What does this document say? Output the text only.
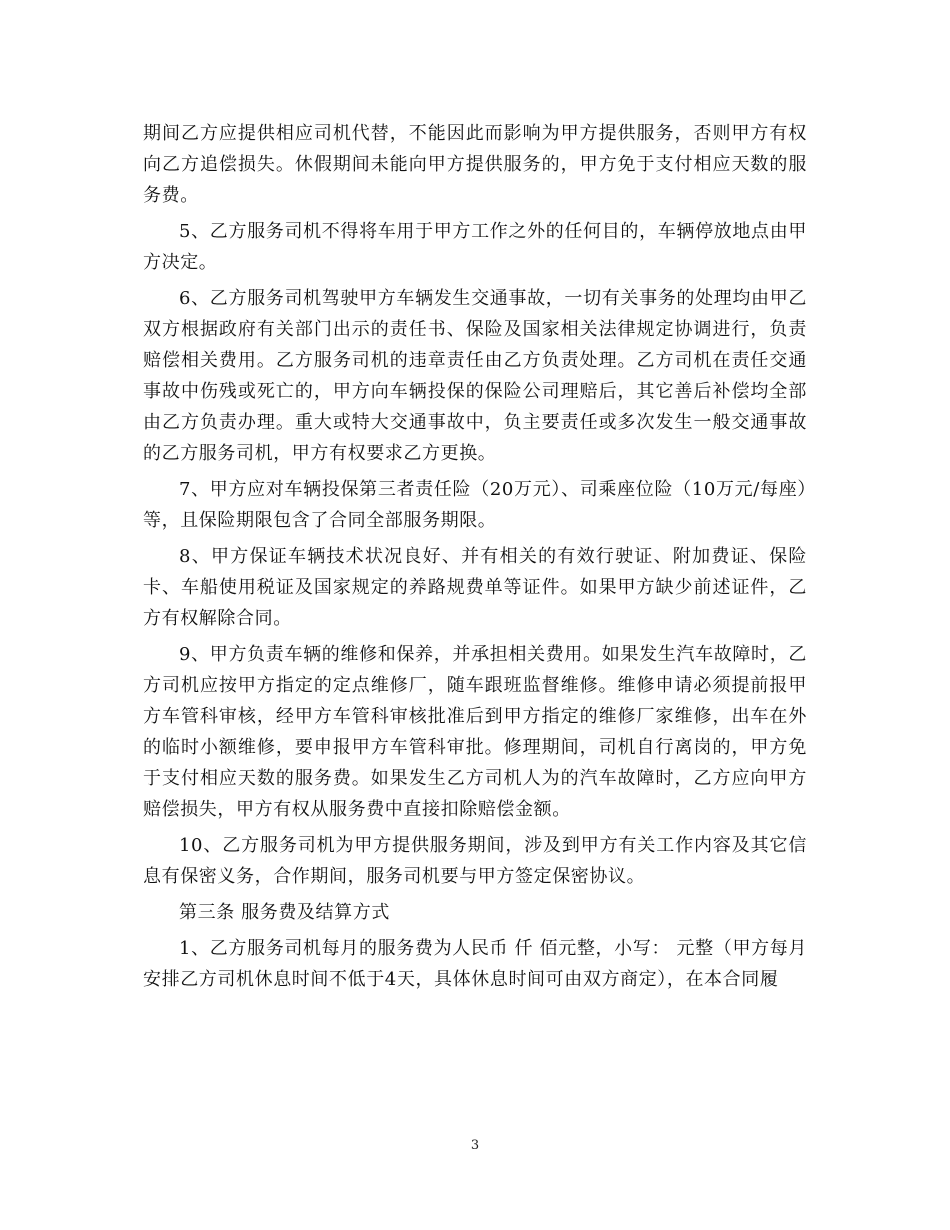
期间乙方应提供相应司机代替，不能因此而影响为甲方提供服务，否则甲方有权向乙方追偿损失。休假期间未能向甲方提供服务的，甲方免于支付相应天数的服务费。

5、乙方服务司机不得将车用于甲方工作之外的任何目的，车辆停放地点由甲方决定。

6、乙方服务司机驾驶甲方车辆发生交通事故，一切有关事务的处理均由甲乙双方根据政府有关部门出示的责任书、保险及国家相关法律规定协调进行，负责赔偿相关费用。乙方服务司机的违章责任由乙方负责处理。乙方司机在责任交通事故中伤残或死亡的，甲方向车辆投保的保险公司理赔后，其它善后补偿均全部由乙方负责办理。重大或特大交通事故中，负主要责任或多次发生一般交通事故的乙方服务司机，甲方有权要求乙方更换。

7、甲方应对车辆投保第三者责任险（20万元）、司乘座位险（10万元/每座）等，且保险期限包含了合同全部服务期限。

8、甲方保证车辆技术状况良好、并有相关的有效行驶证、附加费证、保险卡、车船使用税证及国家规定的养路规费单等证件。如果甲方缺少前述证件，乙方有权解除合同。

9、甲方负责车辆的维修和保养，并承担相关费用。如果发生汽车故障时，乙方司机应按甲方指定的定点维修厂，随车跟班监督维修。维修申请必须提前报甲方车管科审核，经甲方车管科审核批准后到甲方指定的维修厂家维修，出车在外的临时小额维修，要申报甲方车管科审批。修理期间，司机自行离岗的，甲方免于支付相应天数的服务费。如果发生乙方司机人为的汽车故障时，乙方应向甲方赔偿损失，甲方有权从服务费中直接扣除赔偿金额。

10、乙方服务司机为甲方提供服务期间，涉及到甲方有关工作内容及其它信息有保密义务，合作期间，服务司机要与甲方签定保密协议。

第三条 服务费及结算方式

1、乙方服务司机每月的服务费为人民币 仟 佰元整，小写： 元整（甲方每月安排乙方司机休息时间不低于4天，具体休息时间可由双方商定），在本合同履

3
